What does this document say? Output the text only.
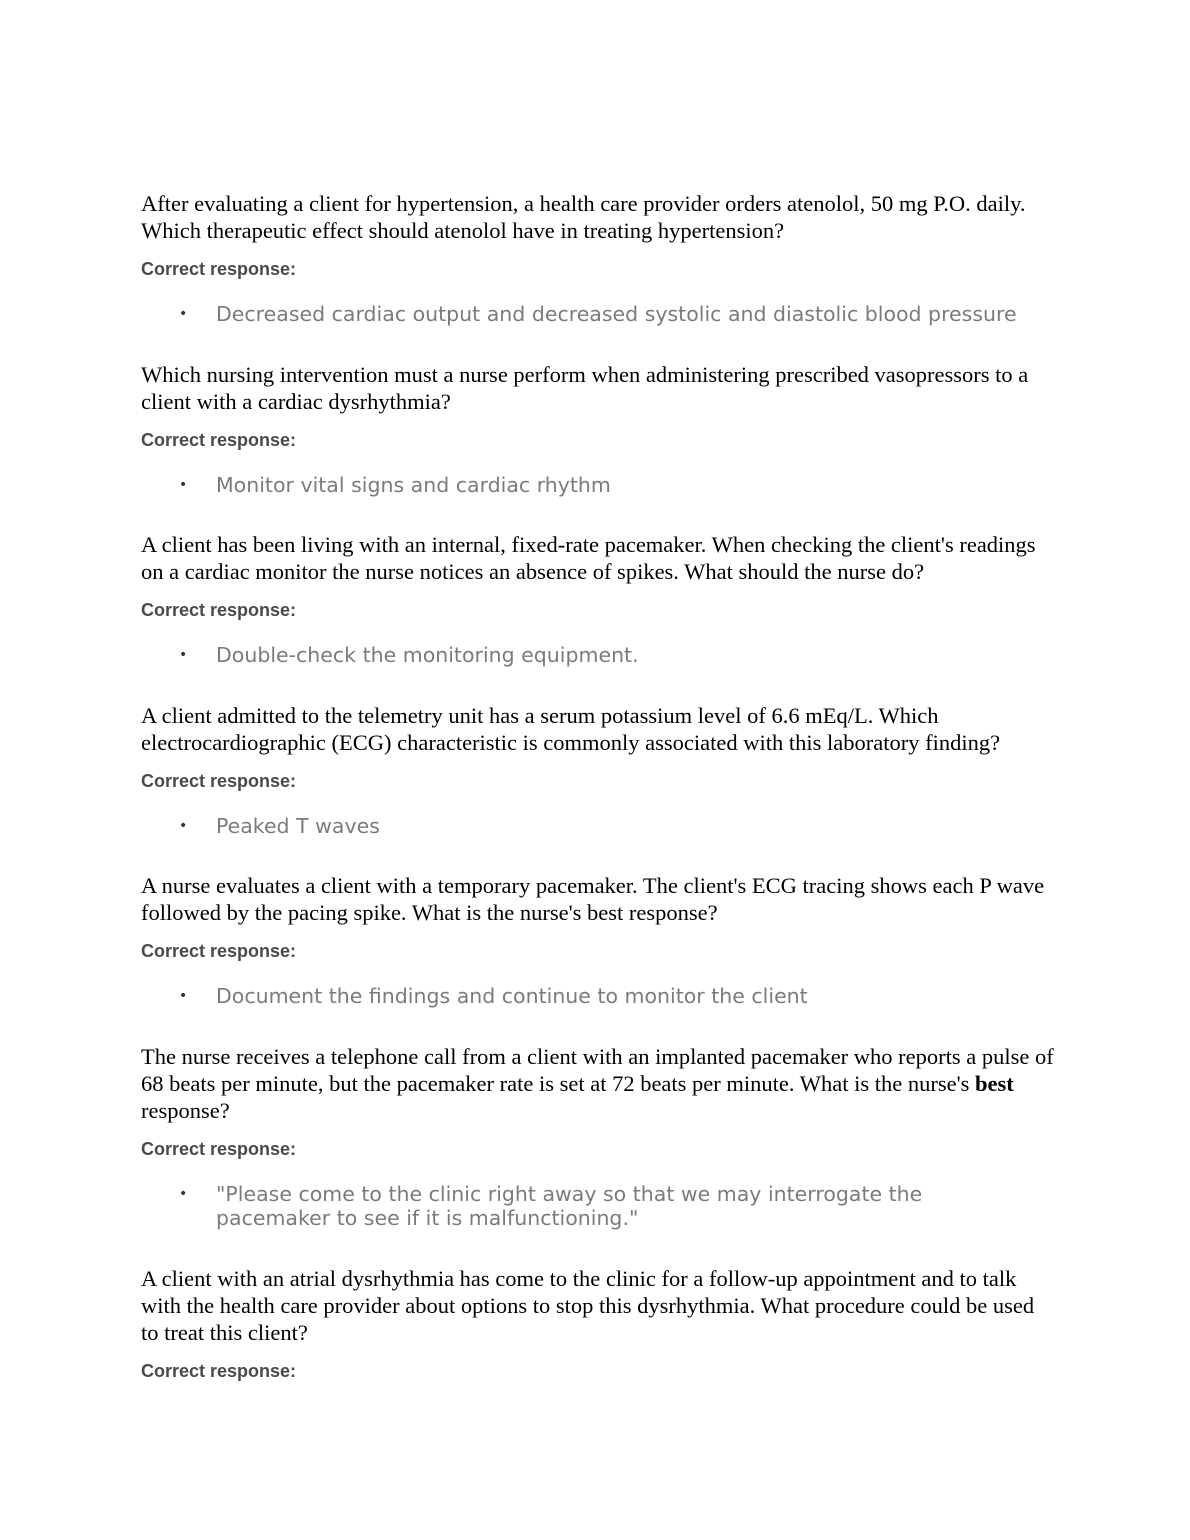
After evaluating a client for hypertension, a health care provider orders atenolol, 50 mg P.O. daily. Which therapeutic effect should atenolol have in treating hypertension?

Correct response:
• Decreased cardiac output and decreased systolic and diastolic blood pressure

Which nursing intervention must a nurse perform when administering prescribed vasopressors to a client with a cardiac dysrhythmia?

Correct response:
• Monitor vital signs and cardiac rhythm

A client has been living with an internal, fixed-rate pacemaker. When checking the client's readings on a cardiac monitor the nurse notices an absence of spikes. What should the nurse do?

Correct response:
• Double-check the monitoring equipment.

A client admitted to the telemetry unit has a serum potassium level of 6.6 mEq/L. Which electrocardiographic (ECG) characteristic is commonly associated with this laboratory finding?

Correct response:
• Peaked T waves

A nurse evaluates a client with a temporary pacemaker. The client's ECG tracing shows each P wave followed by the pacing spike. What is the nurse's best response?

Correct response:
• Document the findings and continue to monitor the client

The nurse receives a telephone call from a client with an implanted pacemaker who reports a pulse of 68 beats per minute, but the pacemaker rate is set at 72 beats per minute. What is the nurse's best response?

Correct response:
• "Please come to the clinic right away so that we may interrogate the pacemaker to see if it is malfunctioning."

A client with an atrial dysrhythmia has come to the clinic for a follow-up appointment and to talk with the health care provider about options to stop this dysrhythmia. What procedure could be used to treat this client?

Correct response:
